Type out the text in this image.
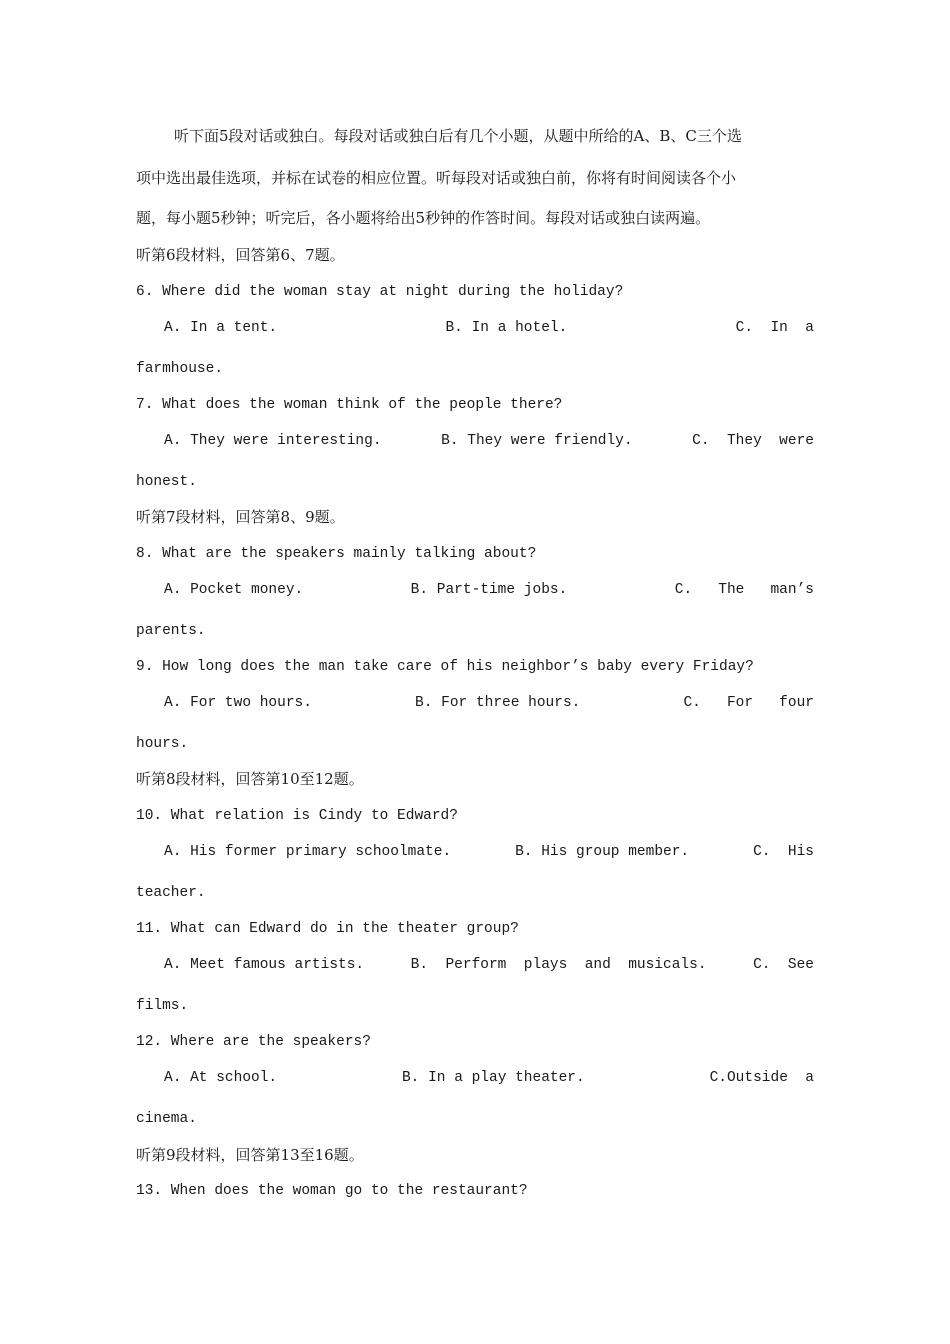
听下面5段对话或独白。每段对话或独白后有几个小题，从题中所给的A、B、C三个选
项中选出最佳选项，并标在试卷的相应位置。听每段对话或独白前，你将有时间阅读各个小
题，每小题5秒钟；听完后，各小题将给出5秒钟的作答时间。每段对话或独白读两遍。
听第6段材料，回答第6、7题。
6. Where did the woman stay at night during the holiday?
A. In a tent.	B. In a hotel.	C.  In  a
farmhouse.
7. What does the woman think of the people there?
A. They were interesting.	B. They were friendly.	C.  They  were
honest.
听第7段材料，回答第8、9题。
8. What are the speakers mainly talking about?
A. Pocket money.	B. Part-time jobs.	C.   The   man’s
parents.
9. How long does the man take care of his neighbor’s baby every Friday?
A. For two hours.	B. For three hours.	C.   For   four
hours.
听第8段材料，回答第10至12题。
10. What relation is Cindy to Edward?
A. His former primary schoolmate.	B. His group member.	C.  His
teacher.
11. What can Edward do in the theater group?
A. Meet famous artists.	B.  Perform  plays  and  musicals.	C.  See
films.
12. Where are the speakers?
A. At school.	B. In a play theater.	C.Outside  a
cinema.
听第9段材料，回答第13至16题。
13. When does the woman go to the restaurant?
